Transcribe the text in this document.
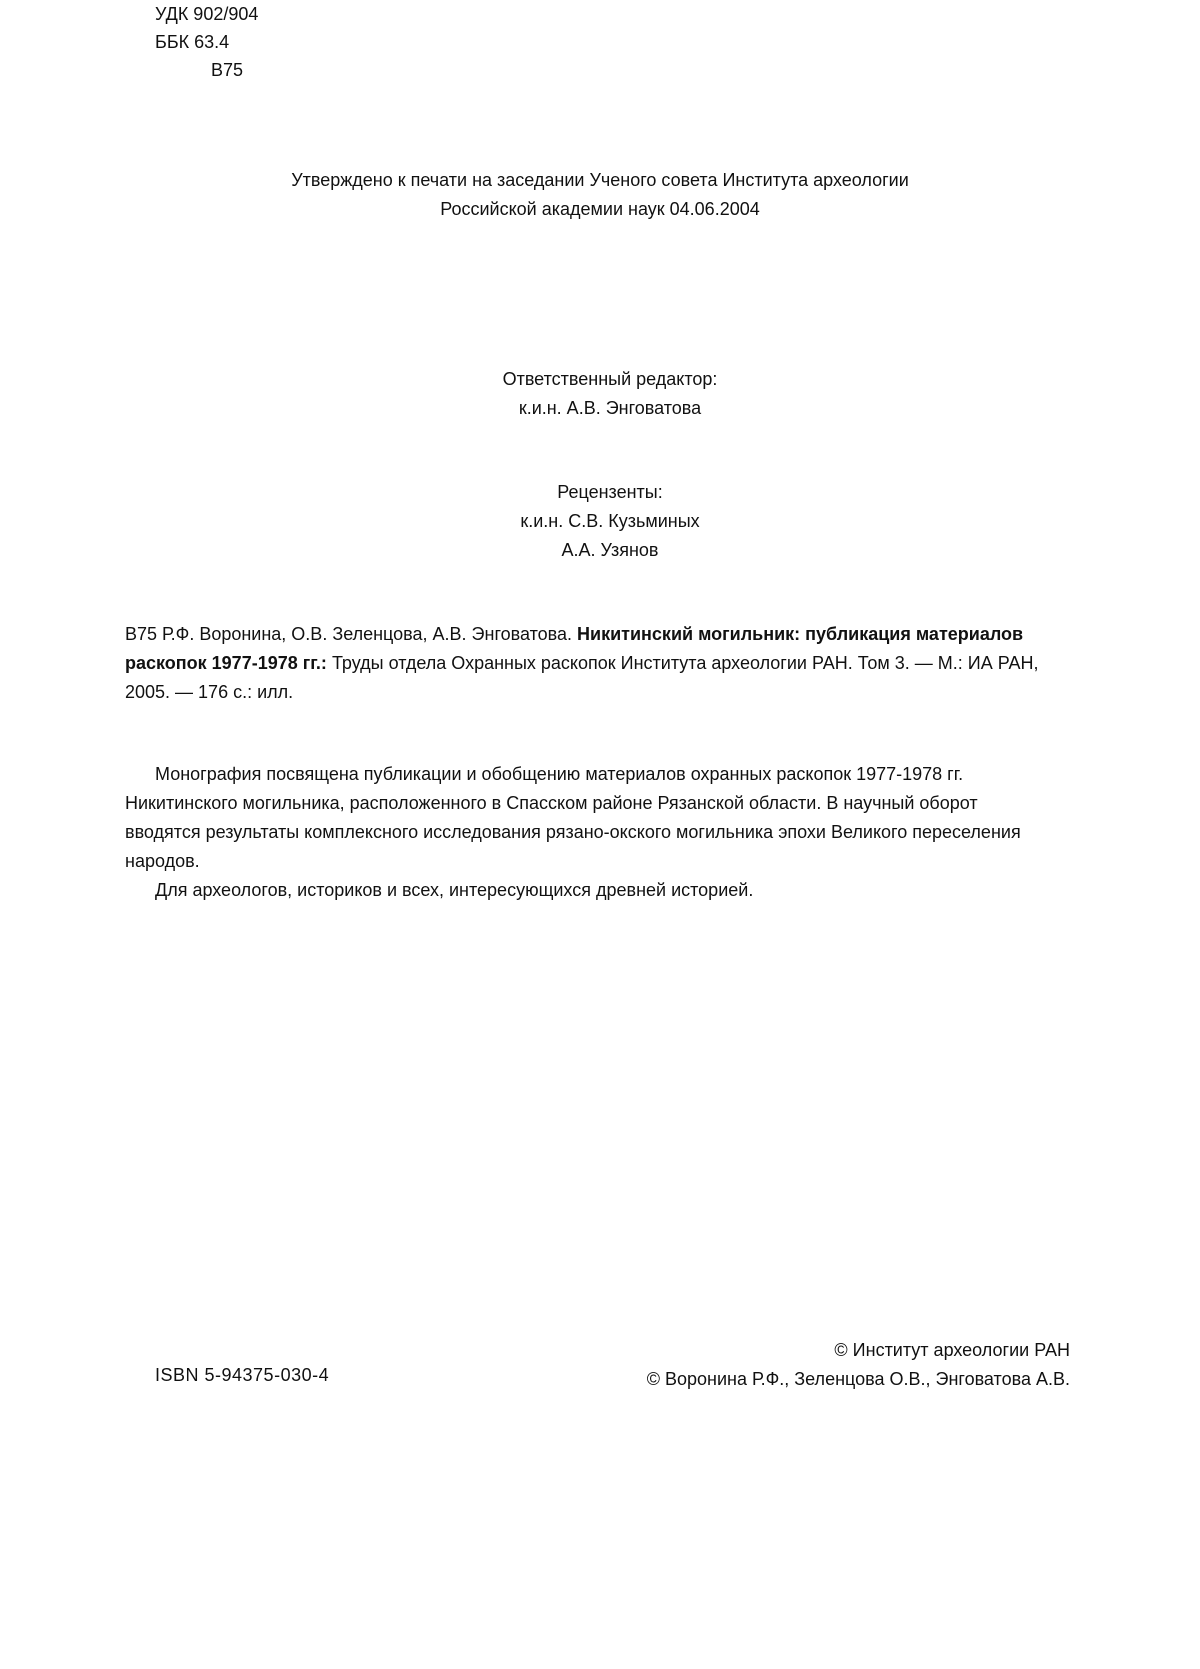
УДК 902/904
ББК 63.4
В75
Утверждено к печати на заседании Ученого совета Института археологии
Российской академии наук 04.06.2004
Ответственный редактор:
к.и.н. А.В. Энговатова
Рецензенты:
к.и.н. С.В. Кузьминых
А.А. Узянов
В75 Р.Ф. Воронина, О.В. Зеленцова, А.В. Энговатова. Никитинский могильник: публикация материалов раскопок 1977-1978 гг.: Труды отдела Охранных раскопок Института археологии РАН. Том 3. — М.: ИА РАН, 2005. — 176 с.: илл.

Монография посвящена публикации и обобщению материалов охранных раскопок 1977-1978 гг. Никитинского могильника, расположенного в Спасском районе Рязанской области. В научный оборот вводятся результаты комплексного исследования рязано-окского могильника эпохи Великого переселения народов.

Для археологов, историков и всех, интересующихся древней историей.

ISBN 5-94375-030-4
© Институт археологии РАН
© Воронина Р.Ф., Зеленцова О.В., Энговатова А.В.
